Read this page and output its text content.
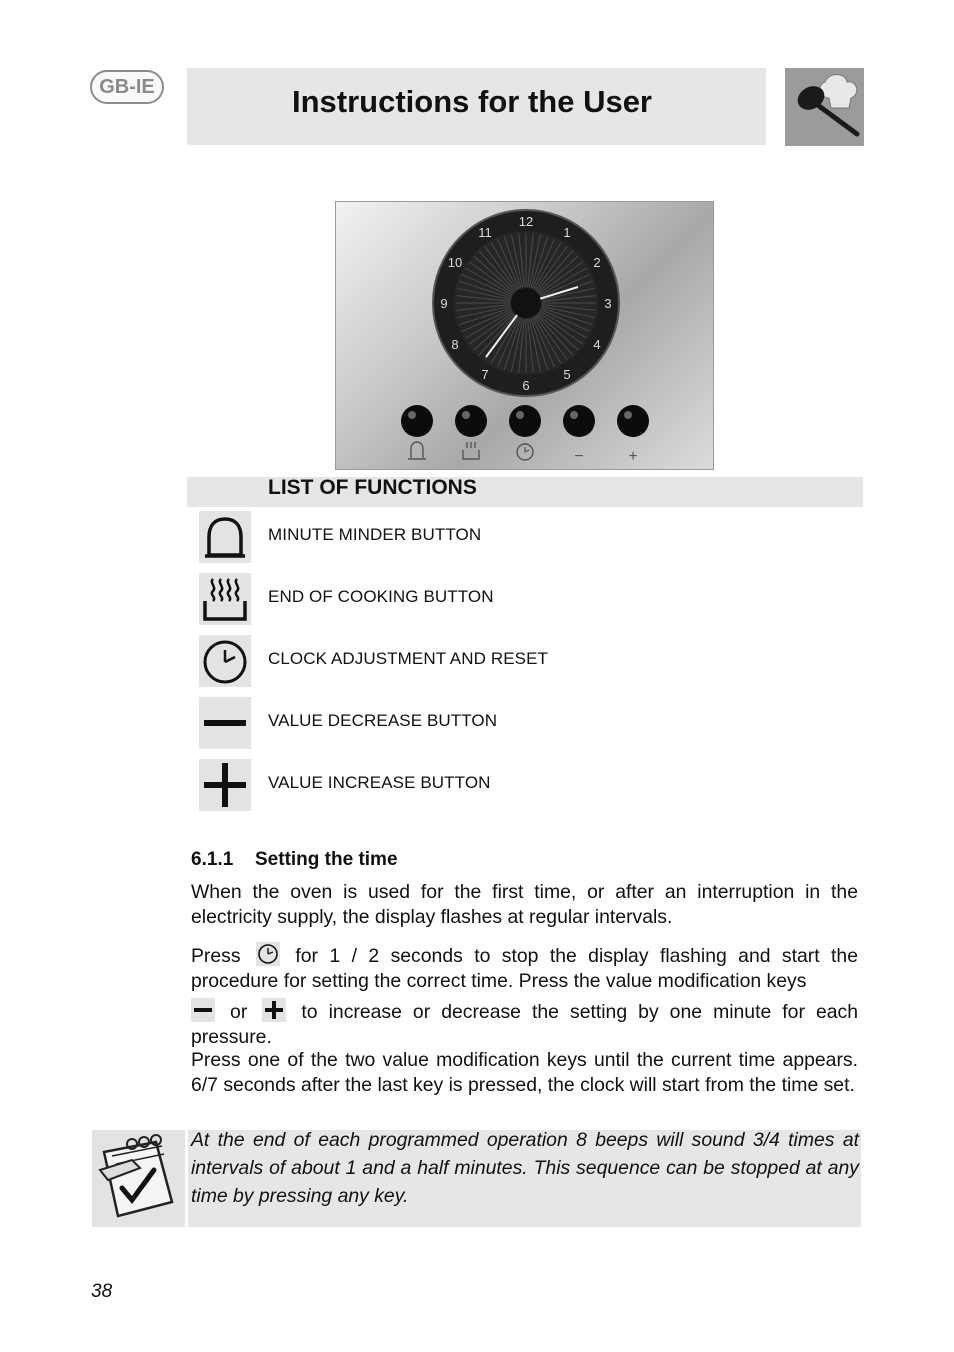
GB-IE	Instructions for the User
12
1
2
3
4
5
6
7
8
9
10
11
−	+
LIST OF FUNCTIONS
MINUTE MINDER BUTTON
END OF COOKING BUTTON
CLOCK ADJUSTMENT AND RESET
VALUE DECREASE BUTTON
VALUE INCREASE BUTTON
6.1.1 Setting the time
When the oven is used for the first time, or after an interruption in the electricity supply, the display flashes at regular intervals.
Press	for 1 / 2 seconds to stop the display flashing and start the procedure for setting the correct time. Press the value modification keys
or	to increase or decrease the setting by one minute for each pressure.
Press one of the two value modification keys until the current time appears. 6/7 seconds after the last key is pressed, the clock will start from the time set.
At the end of each programmed operation 8 beeps will sound 3/4 times at intervals of about 1 and a half minutes. This sequence can be stopped at any time by pressing any key.
38
